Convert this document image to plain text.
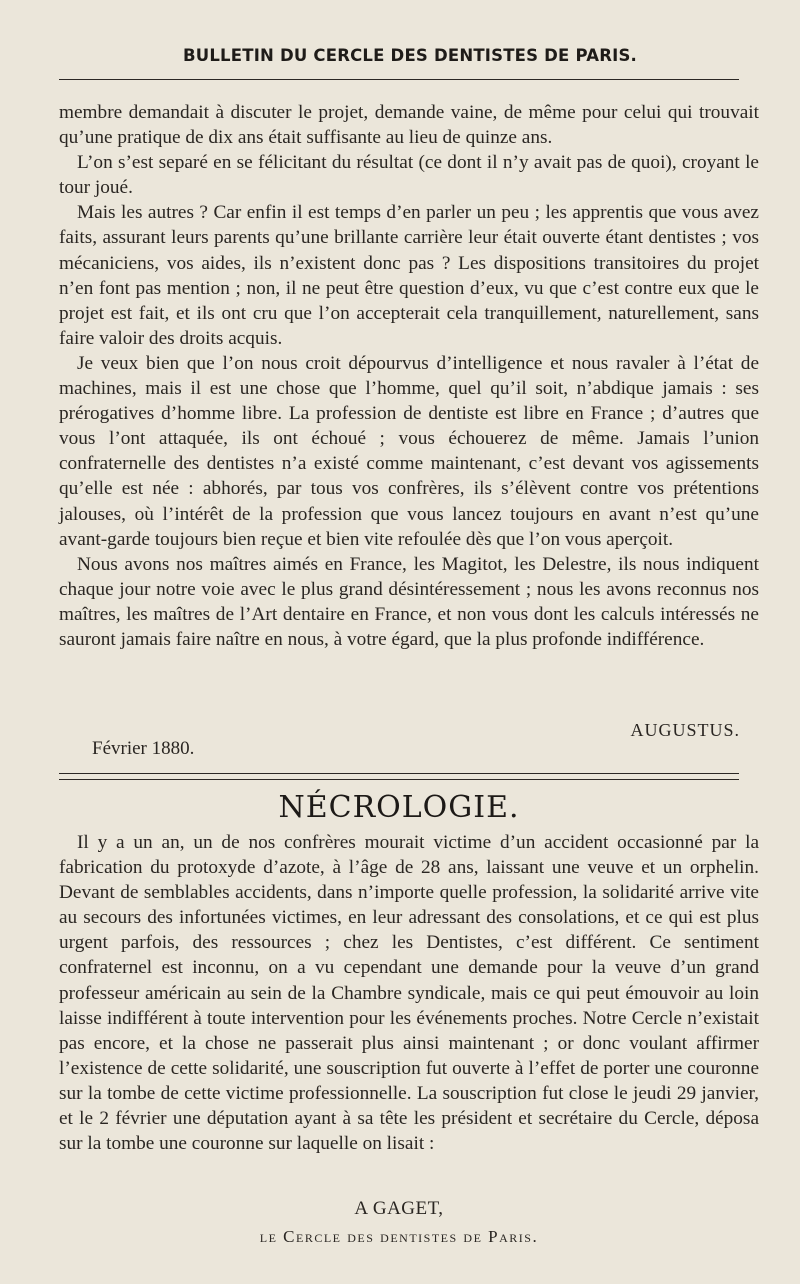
BULLETIN DU CERCLE DES DENTISTES DE PARIS.

membre demandait à discuter le projet, demande vaine, de même pour celui qui trouvait qu’une pratique de dix ans était suffisante au lieu de quinze ans.

L’on s’est separé en se félicitant du résultat (ce dont il n’y avait pas de quoi), croyant le tour joué.

Mais les autres ? Car enfin il est temps d’en parler un peu ; les apprentis que vous avez faits, assurant leurs parents qu’une brillante carrière leur était ouverte étant dentistes ; vos mécaniciens, vos aides, ils n’existent donc pas ? Les dispositions transitoires du projet n’en font pas mention ; non, il ne peut être question d’eux, vu que c’est contre eux que le projet est fait, et ils ont cru que l’on accepterait cela tranquillement, naturellement, sans faire valoir des droits acquis.

Je veux bien que l’on nous croit dépourvus d’intelligence et nous ravaler à l’état de machines, mais il est une chose que l’homme, quel qu’il soit, n’abdique jamais : ses prérogatives d’homme libre. La profession de dentiste est libre en France ; d’autres que vous l’ont attaquée, ils ont échoué ; vous échouerez de même. Jamais l’union confraternelle des dentistes n’a existé comme maintenant, c’est devant vos agissements qu’elle est née : abhorés, par tous vos confrères, ils s’élèvent contre vos prétentions jalouses, où l’intérêt de la profession que vous lancez toujours en avant n’est qu’une avant-garde toujours bien reçue et bien vite refoulée dès que l’on vous aperçoit.

Nous avons nos maîtres aimés en France, les Magitot, les Delestre, ils nous indiquent chaque jour notre voie avec le plus grand désintéressement ; nous les avons reconnus nos maîtres, les maîtres de l’Art dentaire en France, et non vous dont les calculs intéressés ne sauront jamais faire naître en nous, à votre égard, que la plus profonde indifférence.

AUGUSTUS.
Février 1880.
NÉCROLOGIE.

Il y a un an, un de nos confrères mourait victime d’un accident occasionné par la fabrication du protoxyde d’azote, à l’âge de 28 ans, laissant une veuve et un orphelin. Devant de semblables accidents, dans n’importe quelle profession, la solidarité arrive vite au secours des infortunées victimes, en leur adressant des consolations, et ce qui est plus urgent parfois, des ressources ; chez les Dentistes, c’est différent. Ce sentiment confraternel est inconnu, on a vu cependant une demande pour la veuve d’un grand professeur américain au sein de la Chambre syndicale, mais ce qui peut émouvoir au loin laisse indifférent à toute intervention pour les événements proches. Notre Cercle n’existait pas encore, et la chose ne passerait plus ainsi maintenant ; or donc voulant affirmer l’existence de cette solidarité, une souscription fut ouverte à l’effet de porter une couronne sur la tombe de cette victime professionnelle. La souscription fut close le jeudi 29 janvier, et le 2 février une députation ayant à sa tête les président et secrétaire du Cercle, déposa sur la tombe une couronne sur laquelle on lisait :

A GAGET,
le Cercle des dentistes de Paris.
